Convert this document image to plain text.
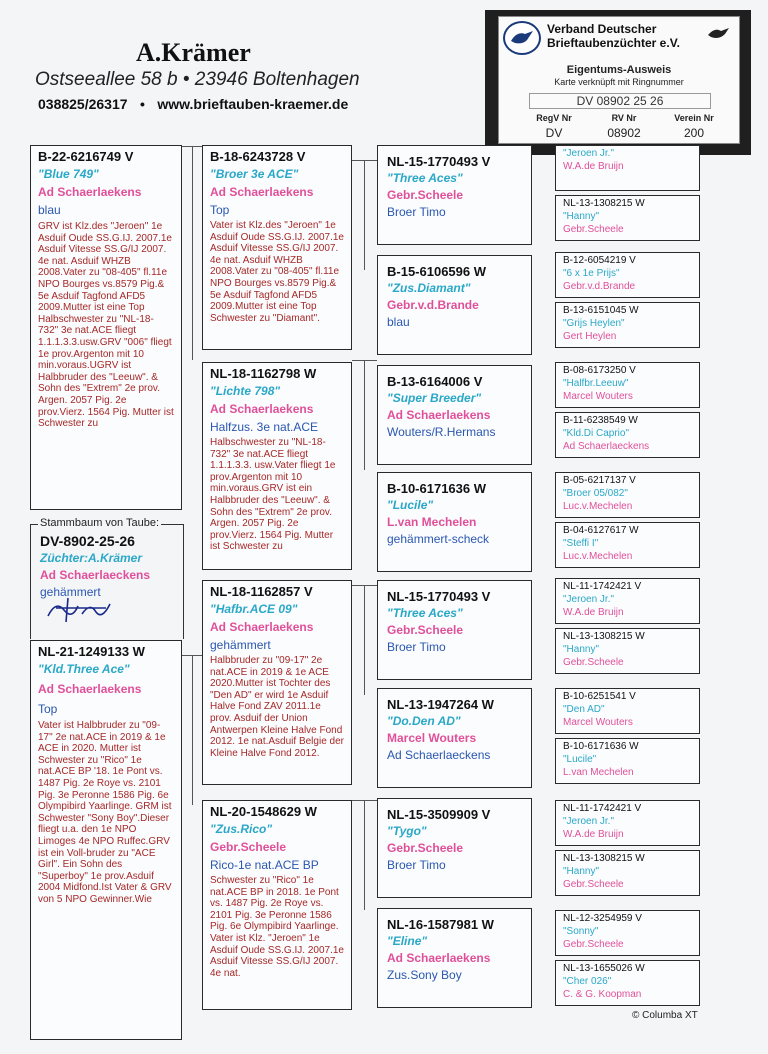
A.Krämer
Ostseeallee 58 b • 23946 Boltenhagen
038825/26317 • www.brieftauben-kraemer.de
Verband Deutscher
Brieftaubenzüchter e.V.
Eigentums-Ausweis
Karte verknüpft mit Ringnummer
DV 08902 25 26
RegV Nr	RV Nr	Verein Nr
DV	08902	200
B-22-6216749 V
"Blue 749"
Ad Schaerlaekens
blau
GRV ist Klz.des "Jeroen" 1e Asduif Oude SS.G.IJ. 2007.1e Asduif Vitesse SS.G/IJ 2007. 4e nat. Asduif WHZB 2008.Vater zu "08-405" fl.11e NPO Bourges vs.8579 Pig.& 5e Asduif Tagfond AFD5 2009.Mutter ist eine Top Halbschwester zu "NL-18-732" 3e nat.ACE fliegt 1.1.1.3.3.usw.GRV "006" fliegt 1e prov.Argenton mit 10 min.voraus.UGRV ist Halbbruder des "Leeuw". & Sohn des "Extrem" 2e prov. Argen. 2057 Pig. 2e prov.Vierz. 1564 Pig. Mutter ist Schwester zu
Stammbaum von Taube:
DV-8902-25-26
Züchter:A.Krämer
Ad Schaerlaeckens
gehämmert
NL-21-1249133 W
"Kld.Three Ace"
Ad Schaerlaekens
Top
Vater ist Halbbruder zu "09-17" 2e nat.ACE in 2019 & 1e ACE in 2020. Mutter ist Schwester zu "Rico" 1e nat.ACE BP '18. 1e Pont vs. 1487 Pig. 2e Roye vs. 2101 Pig. 3e Peronne 1586 Pig. 6e Olympibird Yaarlinge. GRM ist Schwester "Sony Boy".Dieser fliegt u.a. den 1e NPO Limoges 4e NPO Ruffec.GRV ist ein Voll-bruder zu "ACE Girl". Ein Sohn des "Superboy" 1e prov.Asduif 2004 Midfond.Ist Vater & GRV von 5 NPO Gewinner.Wie
B-18-6243728 V
"Broer 3e ACE"
Ad Schaerlaekens
Top
Vater ist Klz.des "Jeroen" 1e Asduif Oude SS.G.IJ. 2007.1e Asduif Vitesse SS.G/IJ 2007. 4e nat. Asduif WHZB 2008.Vater zu "08-405" fl.11e NPO Bourges vs.8579 Pig.& 5e Asduif Tagfond AFD5 2009.Mutter ist eine Top Schwester zu "Diamant".
NL-18-1162798 W
"Lichte 798"
Ad Schaerlaekens
Halfzus. 3e nat.ACE
Halbschwester zu "NL-18-732" 3e nat.ACE fliegt 1.1.1.3.3. usw.Vater fliegt 1e prov.Argenton mit 10 min.voraus.GRV ist ein Halbbruder des "Leeuw". & Sohn des "Extrem" 2e prov. Argen. 2057 Pig. 2e prov.Vierz. 1564 Pig. Mutter ist Schwester zu
NL-18-1162857 V
"Hafbr.ACE 09"
Ad Schaerlaekens
gehämmert
Halbbruder zu "09-17" 2e nat.ACE in 2019 & 1e ACE 2020.Mutter ist Tochter des "Den AD" er wird 1e Asduif Halve Fond ZAV 2011.1e prov. Asduif der Union Antwerpen Kleine Halve Fond 2012. 1e nat.Asduif Belgie der Kleine Halve Fond 2012.
NL-20-1548629 W
"Zus.Rico"
Gebr.Scheele
Rico-1e nat.ACE BP
Schwester zu "Rico" 1e nat.ACE BP in 2018. 1e Pont vs. 1487 Pig. 2e Roye vs. 2101 Pig. 3e Peronne 1586 Pig. 6e Olympibird Yaarlinge. Vater ist Klz. "Jeroen" 1e Asduif Oude SS.G.IJ. 2007.1e Asduif Vitesse SS.G/IJ 2007. 4e nat.
NL-15-1770493 V
"Three Aces"
Gebr.Scheele
Broer Timo
B-15-6106596 W
"Zus.Diamant"
Gebr.v.d.Brande
blau
B-13-6164006 V
"Super Breeder"
Ad Schaerlaekens
Wouters/R.Hermans
B-10-6171636 W
"Lucile"
L.van Mechelen
gehämmert-scheck
NL-15-1770493 V
"Three Aces"
Gebr.Scheele
Broer Timo
NL-13-1947264 W
"Do.Den AD"
Marcel Wouters
Ad Schaerlaeckens
NL-15-3509909 V
"Tygo"
Gebr.Scheele
Broer Timo
NL-16-1587981 W
"Eline"
Ad Schaerlaekens
Zus.Sony Boy
"Jeroen Jr."
W.A.de Bruijn
NL-13-1308215 W
"Hanny"
Gebr.Scheele
B-12-6054219 V
"6 x 1e Prijs"
Gebr.v.d.Brande
B-13-6151045 W
"Grijs Heylen"
Gert Heylen
B-08-6173250 V
"Halfbr.Leeuw"
Marcel Wouters
B-11-6238549 W
"Kld.Di Caprio"
Ad Schaerlaeckens
B-05-6217137 V
"Broer 05/082"
Luc.v.Mechelen
B-04-6127617 W
"Steffi I"
Luc.v.Mechelen
NL-11-1742421 V
"Jeroen Jr."
W.A.de Bruijn
NL-13-1308215 W
"Hanny"
Gebr.Scheele
B-10-6251541 V
"Den AD"
Marcel Wouters
B-10-6171636 W
"Lucile"
L.van Mechelen
NL-11-1742421 V
"Jeroen Jr."
W.A.de Bruijn
NL-13-1308215 W
"Hanny"
Gebr.Scheele
NL-12-3254959 V
"Sonny"
Gebr.Scheele
NL-13-1655026 W
"Cher 026"
C. & G. Koopman
© Columba XT
